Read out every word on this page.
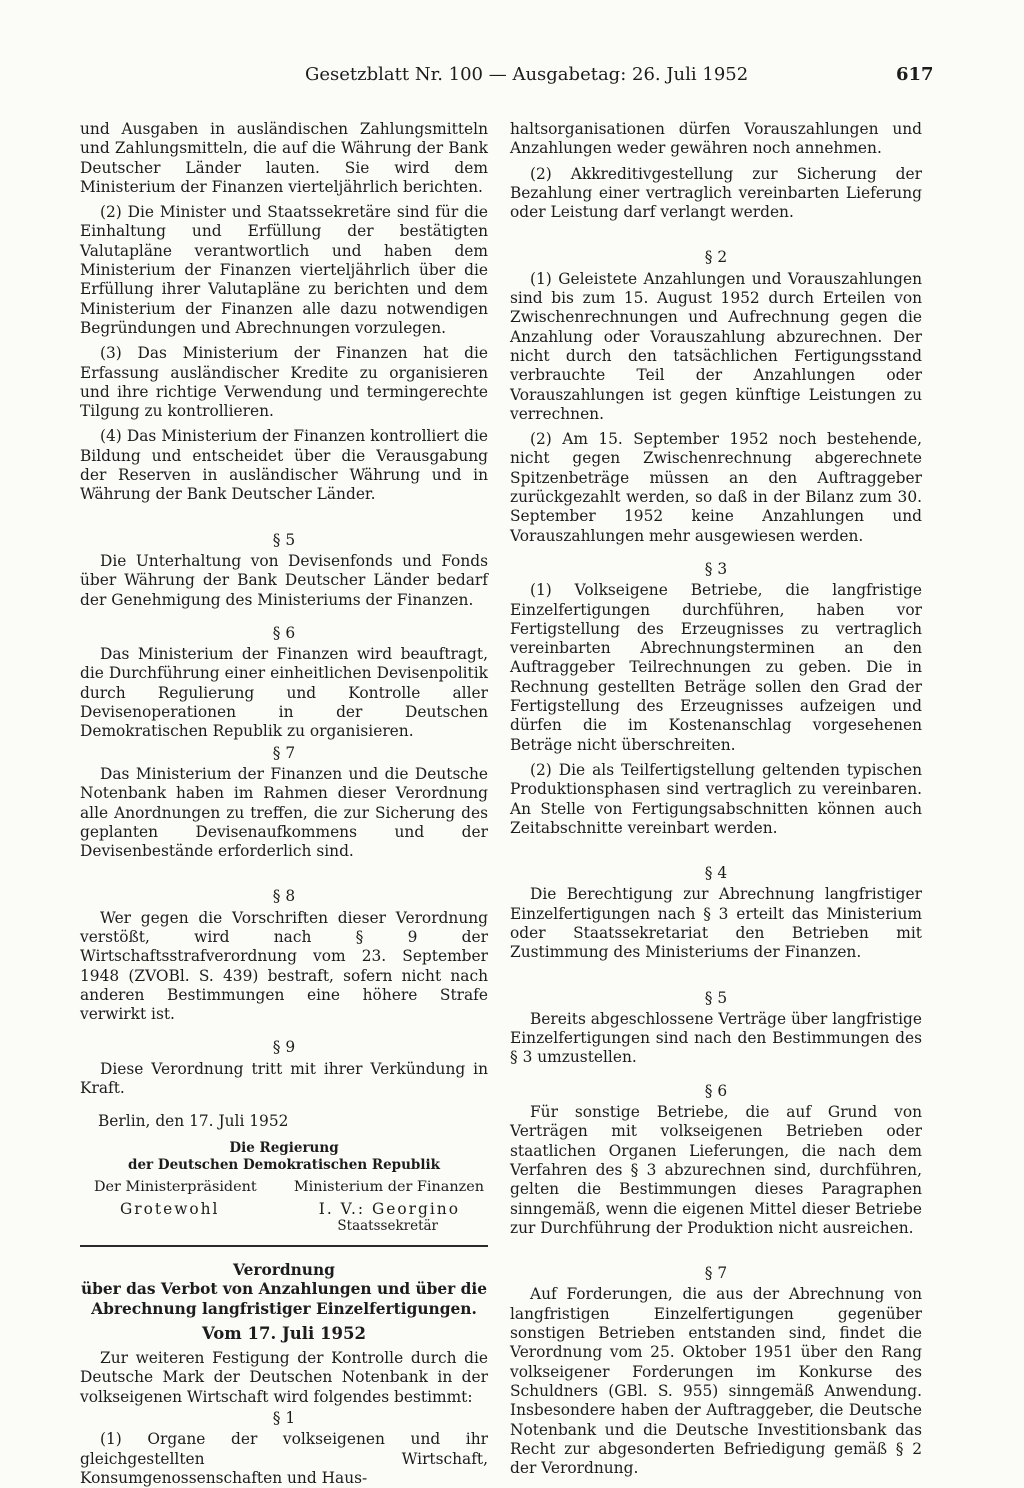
Gesetzblatt Nr. 100 — Ausgabetag: 26. Juli 1952	617

und Ausgaben in ausländischen Zahlungsmitteln und Zahlungsmitteln, die auf die Währung der Bank Deutscher Länder lauten. Sie wird dem Ministerium der Finanzen vierteljährlich berichten.

(2) Die Minister und Staatssekretäre sind für die Einhaltung und Erfüllung der bestätigten Valutapläne verantwortlich und haben dem Ministerium der Finanzen vierteljährlich über die Erfüllung ihrer Valutapläne zu berichten und dem Ministerium der Finanzen alle dazu notwendigen Begründungen und Abrechnungen vorzulegen.

(3) Das Ministerium der Finanzen hat die Erfassung ausländischer Kredite zu organisieren und ihre richtige Verwendung und termingerechte Tilgung zu kontrollieren.

(4) Das Ministerium der Finanzen kontrolliert die Bildung und entscheidet über die Verausgabung der Reserven in ausländischer Währung und in Währung der Bank Deutscher Länder.

§ 5

Die Unterhaltung von Devisenfonds und Fonds über Währung der Bank Deutscher Länder bedarf der Genehmigung des Ministeriums der Finanzen.

§ 6

Das Ministerium der Finanzen wird beauftragt, die Durchführung einer einheitlichen Devisenpolitik durch Regulierung und Kontrolle aller Devisenoperationen in der Deutschen Demokratischen Republik zu organisieren.

§ 7

Das Ministerium der Finanzen und die Deutsche Notenbank haben im Rahmen dieser Verordnung alle Anordnungen zu treffen, die zur Sicherung des geplanten Devisenaufkommens und der Devisenbestände erforderlich sind.

§ 8

Wer gegen die Vorschriften dieser Verordnung verstößt, wird nach § 9 der Wirtschaftsstrafverordnung vom 23. September 1948 (ZVOBl. S. 439) bestraft, sofern nicht nach anderen Bestimmungen eine höhere Strafe verwirkt ist.

§ 9

Diese Verordnung tritt mit ihrer Verkündung in Kraft.

Berlin, den 17. Juli 1952

Die Regierung
der Deutschen Demokratischen Republik
Der Ministerpräsident	Ministerium der Finanzen
Grotewohl	I. V.: Georgino
Staatssekretär
Verordnung
über das Verbot von Anzahlungen und über die
Abrechnung langfristiger Einzelfertigungen.
Vom 17. Juli 1952

Zur weiteren Festigung der Kontrolle durch die Deutsche Mark der Deutschen Notenbank in der volkseigenen Wirtschaft wird folgendes bestimmt:

§ 1

(1) Organe der volkseigenen und ihr gleichgestellten Wirtschaft, Konsumgenossenschaften und Haus-

haltsorganisationen dürfen Vorauszahlungen und Anzahlungen weder gewähren noch annehmen.

(2) Akkreditivgestellung zur Sicherung der Bezahlung einer vertraglich vereinbarten Lieferung oder Leistung darf verlangt werden.

§ 2

(1) Geleistete Anzahlungen und Vorauszahlungen sind bis zum 15. August 1952 durch Erteilen von Zwischenrechnungen und Aufrechnung gegen die Anzahlung oder Vorauszahlung abzurechnen. Der nicht durch den tatsächlichen Fertigungsstand verbrauchte Teil der Anzahlungen oder Vorauszahlungen ist gegen künftige Leistungen zu verrechnen.

(2) Am 15. September 1952 noch bestehende, nicht gegen Zwischenrechnung abgerechnete Spitzenbeträge müssen an den Auftraggeber zurückgezahlt werden, so daß in der Bilanz zum 30. September 1952 keine Anzahlungen und Vorauszahlungen mehr ausgewiesen werden.

§ 3

(1) Volkseigene Betriebe, die langfristige Einzelfertigungen durchführen, haben vor Fertigstellung des Erzeugnisses zu vertraglich vereinbarten Abrechnungsterminen an den Auftraggeber Teilrechnungen zu geben. Die in Rechnung gestellten Beträge sollen den Grad der Fertigstellung des Erzeugnisses aufzeigen und dürfen die im Kostenanschlag vorgesehenen Beträge nicht überschreiten.

(2) Die als Teilfertigstellung geltenden typischen Produktionsphasen sind vertraglich zu vereinbaren. An Stelle von Fertigungsabschnitten können auch Zeitabschnitte vereinbart werden.

§ 4

Die Berechtigung zur Abrechnung langfristiger Einzelfertigungen nach § 3 erteilt das Ministerium oder Staatssekretariat den Betrieben mit Zustimmung des Ministeriums der Finanzen.

§ 5

Bereits abgeschlossene Verträge über langfristige Einzelfertigungen sind nach den Bestimmungen des § 3 umzustellen.

§ 6

Für sonstige Betriebe, die auf Grund von Verträgen mit volkseigenen Betrieben oder staatlichen Organen Lieferungen, die nach dem Verfahren des § 3 abzurechnen sind, durchführen, gelten die Bestimmungen dieses Paragraphen sinngemäß, wenn die eigenen Mittel dieser Betriebe zur Durchführung der Produktion nicht ausreichen.

§ 7

Auf Forderungen, die aus der Abrechnung von langfristigen Einzelfertigungen gegenüber sonstigen Betrieben entstanden sind, findet die Verordnung vom 25. Oktober 1951 über den Rang volkseigener Forderungen im Konkurse des Schuldners (GBl. S. 955) sinngemäß Anwendung. Insbesondere haben der Auftraggeber, die Deutsche Notenbank und die Deutsche Investitionsbank das Recht zur abgesonderten Befriedigung gemäß § 2 der Verordnung.
